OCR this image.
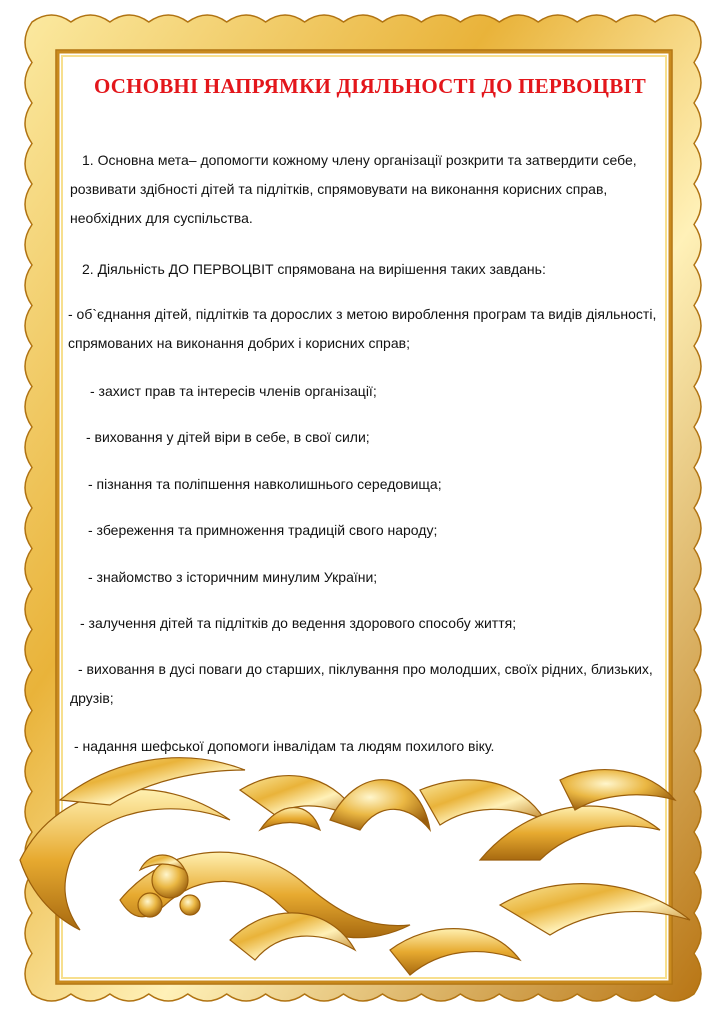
ОСНОВНІ НАПРЯМКИ ДІЯЛЬНОСТІ ДО ПЕРВОЦВІТ

1. Основна мета– допомогти кожному члену організації розкрити та затвердити себе, розвивати здібності дітей та підлітків, спрямовувати на виконання корисних справ, необхідних для суспільства.

2. Діяльність ДО ПЕРВОЦВІТ спрямована на вирішення таких завдань:

- об`єднання дітей, підлітків та дорослих з метою вироблення програм та видів діяльності, спрямованих на виконання добрих і корисних справ;

- захист прав та інтересів членів організації;

- виховання у дітей віри в себе, в свої сили;

- пізнання та поліпшення навколишнього середовища;

- збереження та примноження традицій свого народу;

- знайомство з історичним минулим України;

- залучення дітей та підлітків до ведення здорового способу життя;

- виховання в дусі поваги до старших, піклування про молодших, своїх рідних, близьких, друзів;

- надання шефської допомоги інвалідам та людям похилого віку.
